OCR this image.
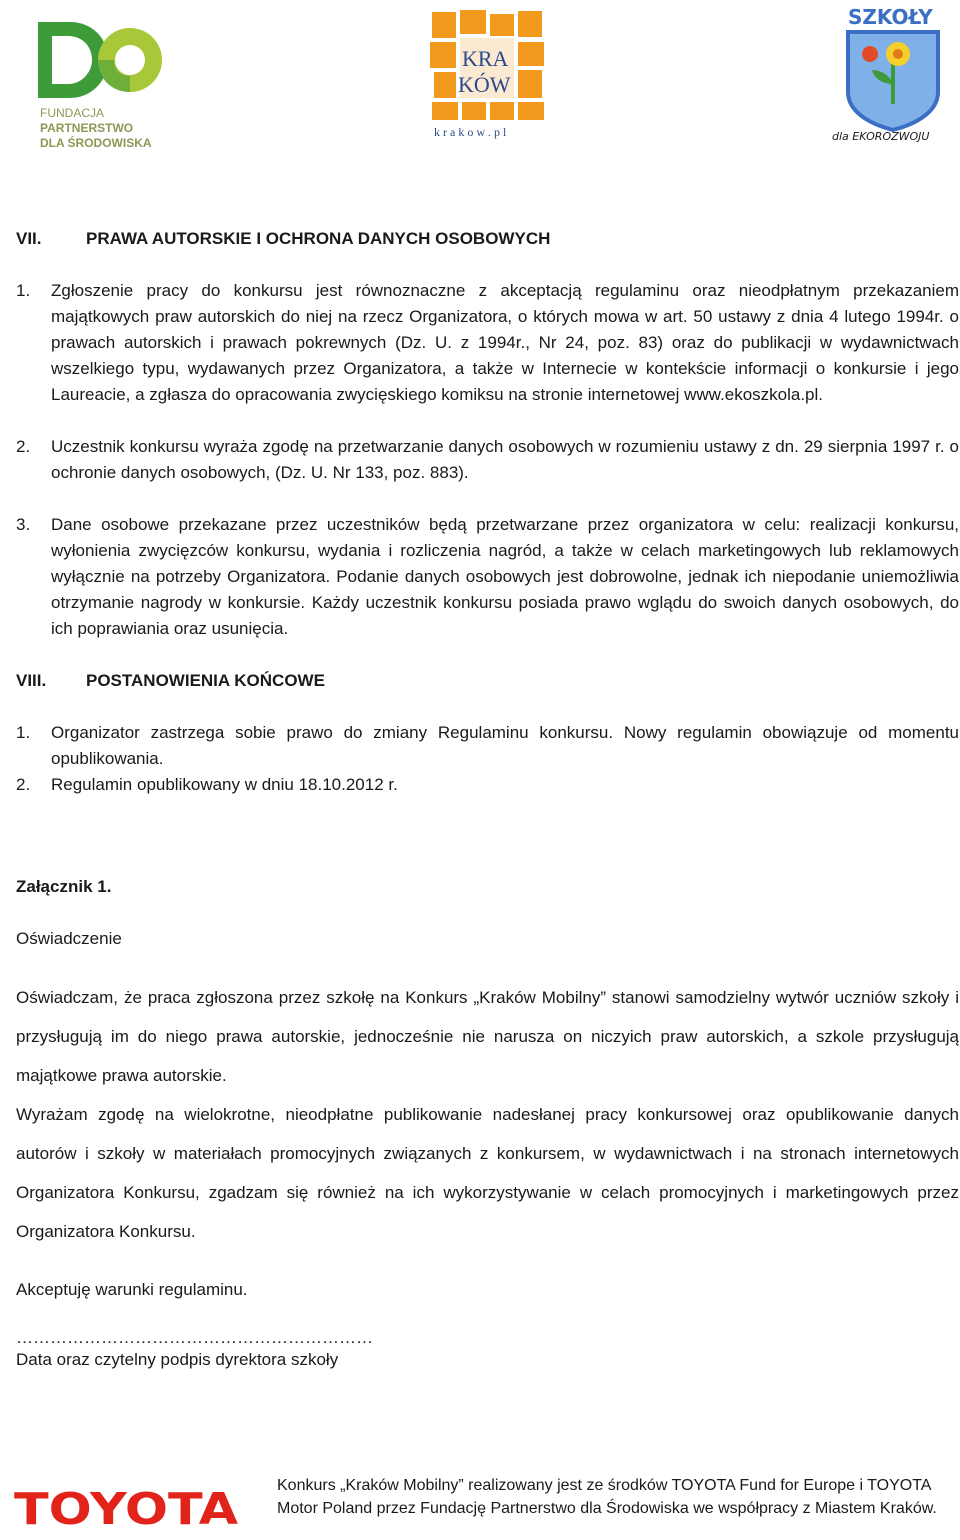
FUNDACJA
PARTNERSTWO
DLA ŚRODOWISKA
KRA
KÓW
k r a k o w . p l
SZKOŁY
dla EKOROZWOJU
VII.	PRAWA AUTORSKIE I OCHRONA DANYCH OSOBOWYCH
1.	Zgłoszenie pracy do konkursu jest równoznaczne z akceptacją regulaminu oraz nieodpłatnym przekazaniem majątkowych praw autorskich do niej na rzecz Organizatora, o których mowa w art. 50 ustawy z dnia 4 lutego 1994r. o prawach autorskich i prawach pokrewnych (Dz. U. z 1994r., Nr 24, poz. 83) oraz do publikacji w wydawnictwach wszelkiego typu, wydawanych przez Organizatora, a także w Internecie w kontekście informacji o konkursie i jego Laureacie, a zgłasza do opracowania zwycięskiego komiksu na stronie internetowej www.ekoszkola.pl.
2.	Uczestnik konkursu wyraża zgodę na przetwarzanie danych osobowych w rozumieniu ustawy z dn. 29 sierpnia 1997 r. o ochronie danych osobowych, (Dz. U. Nr 133, poz. 883).
3.	Dane osobowe przekazane przez uczestników będą przetwarzane przez organizatora w celu: realizacji konkursu, wyłonienia zwycięzców konkursu, wydania i rozliczenia nagród, a także w celach marketingowych lub reklamowych wyłącznie na potrzeby Organizatora. Podanie danych osobowych jest dobrowolne, jednak ich niepodanie uniemożliwia otrzymanie nagrody w konkursie. Każdy uczestnik konkursu posiada prawo wglądu do swoich danych osobowych, do ich poprawiania oraz usunięcia.
VIII.	POSTANOWIENIA KOŃCOWE
1.	Organizator zastrzega sobie prawo do zmiany Regulaminu konkursu. Nowy regulamin obowiązuje od momentu opublikowania.
2.	Regulamin opublikowany w dniu 18.10.2012 r.

Załącznik 1.

Oświadczenie

Oświadczam, że praca zgłoszona przez szkołę na Konkurs „Kraków Mobilny” stanowi samodzielny wytwór uczniów szkoły i przysługują im do niego prawa autorskie, jednocześnie nie narusza on niczyich praw autorskich, a szkole przysługują majątkowe prawa autorskie.

Wyrażam zgodę na wielokrotne, nieodpłatne publikowanie nadesłanej pracy konkursowej oraz opublikowanie danych autorów i szkoły w materiałach promocyjnych związanych z konkursem, w wydawnictwach i na stronach internetowych Organizatora Konkursu, zgadzam się również na ich wykorzystywanie w celach promocyjnych i marketingowych przez Organizatora Konkursu.

Akceptuję warunki regulaminu.

………………………………………………………

Data oraz czytelny podpis dyrektora szkoły

TOYOTA Konkurs „Kraków Mobilny” realizowany jest ze środków TOYOTA Fund for Europe i TOYOTA Motor Poland przez Fundację Partnerstwo dla Środowiska we współpracy z Miastem Kraków.
